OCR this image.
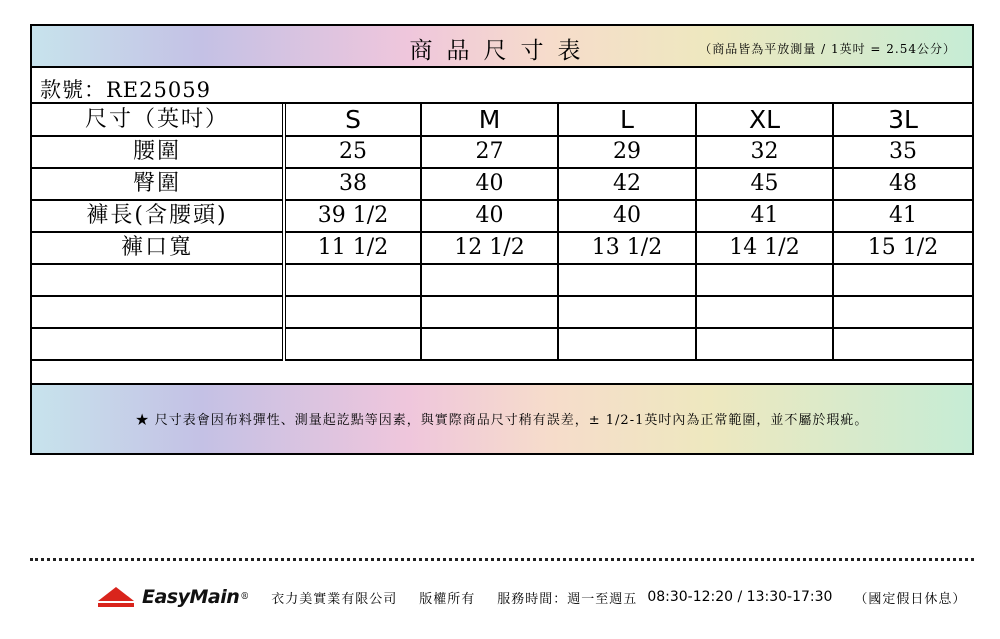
商品尺寸表	（商品皆為平放測量 / 1英吋 = 2.54公分）
款號：RE25059
尺寸（英吋）	S	M	L	XL	3L
腰圍	25	27	29	32	35
臀圍	38	40	42	45	48
褲長(含腰頭)	39 1/2	40	40	41	41
褲口寬	11 1/2	12 1/2	13 1/2	14 1/2	15 1/2

★ 尺寸表會因布料彈性、測量起訖點等因素，與實際商品尺寸稍有誤差，± 1/2-1英吋內為正常範圍，並不屬於瑕疵。
EasyMain ® 衣力美實業有限公司 版權所有 服務時間：週一至週五 08:30-12:20 / 13:30-17:30 （國定假日休息）
